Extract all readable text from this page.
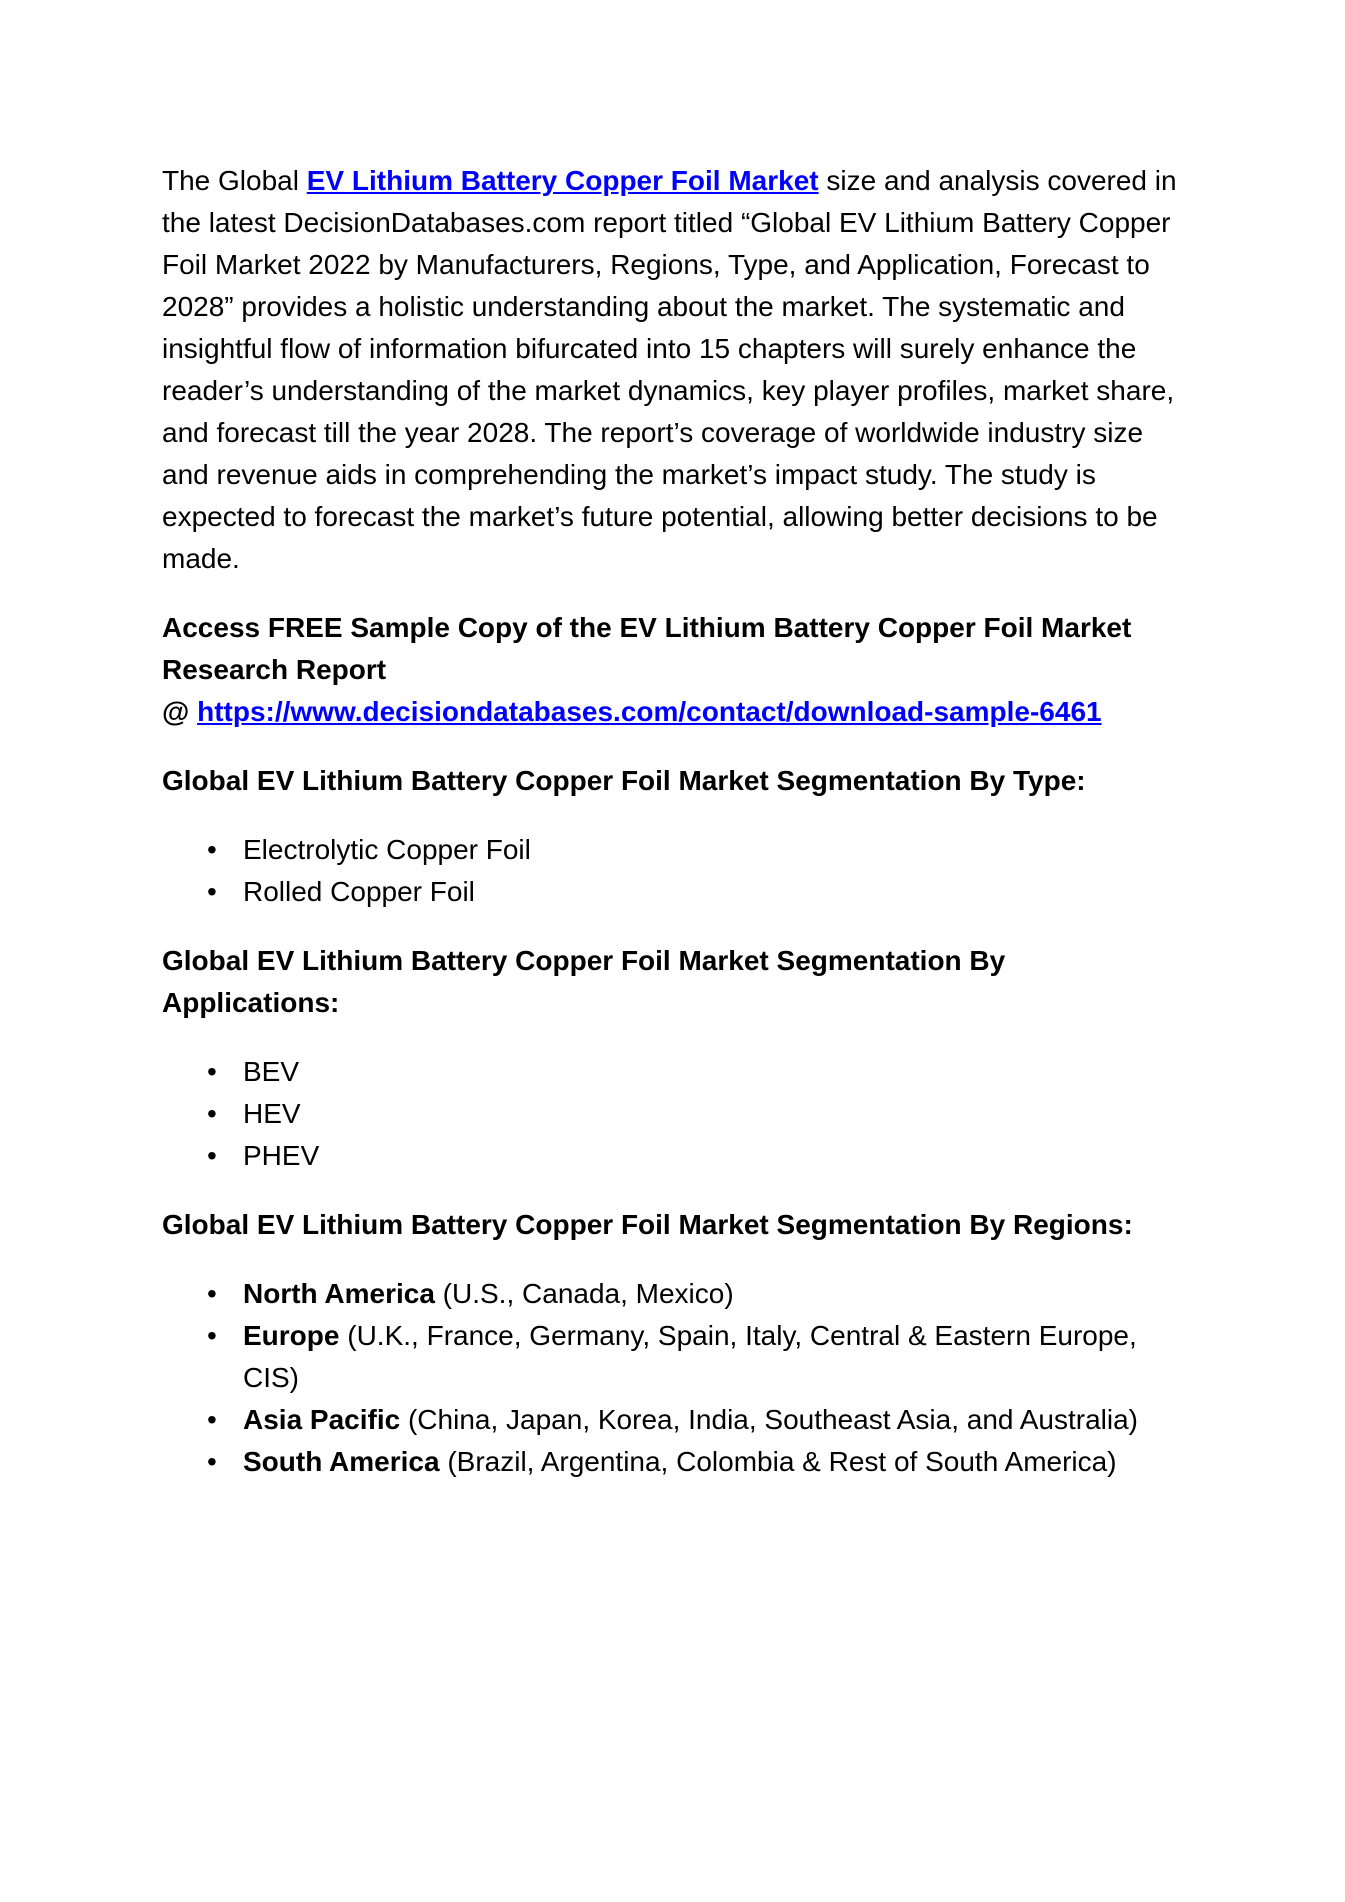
The Global EV Lithium Battery Copper Foil Market size and analysis covered in the latest DecisionDatabases.com report titled “Global EV Lithium Battery Copper Foil Market 2022 by Manufacturers, Regions, Type, and Application, Forecast to 2028” provides a holistic understanding about the market. The systematic and insightful flow of information bifurcated into 15 chapters will surely enhance the reader’s understanding of the market dynamics, key player profiles, market share, and forecast till the year 2028. The report’s coverage of worldwide industry size and revenue aids in comprehending the market’s impact study. The study is expected to forecast the market’s future potential, allowing better decisions to be made.

Access FREE Sample Copy of the EV Lithium Battery Copper Foil Market Research Report
@ https://www.decisiondatabases.com/contact/download-sample-6461

Global EV Lithium Battery Copper Foil Market Segmentation By Type:
• Electrolytic Copper Foil
• Rolled Copper Foil
Global EV Lithium Battery Copper Foil Market Segmentation By Applications:
• BEV
• HEV
• PHEV
Global EV Lithium Battery Copper Foil Market Segmentation By Regions:
• North America (U.S., Canada, Mexico)
• Europe (U.K., France, Germany, Spain, Italy, Central & Eastern Europe, CIS)
• Asia Pacific (China, Japan, Korea, India, Southeast Asia, and Australia)
• South America (Brazil, Argentina, Colombia & Rest of South America)
